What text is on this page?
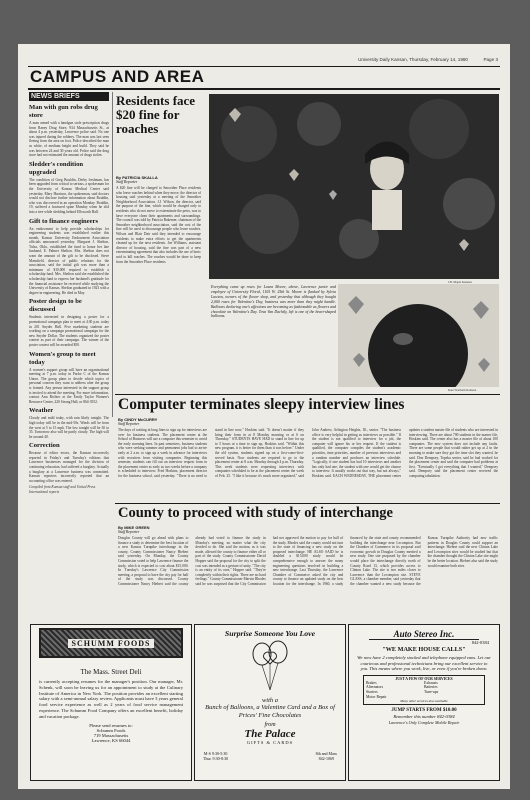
University Daily Kansan, Thursday, February 14, 1980	Page 3
CAMPUS AND AREA
NEWS BRIEFS
Man with gun robs drug store
A man armed with a handgun stole prescription drugs from Raney Drug Store, 934 Massachusetts St., at about 4 p.m. yesterday, Lawrence police said. No one was injured during the robbery. The man was last seen fleeing from the area on foot. Police described the man as white, of medium height and build. They said he was between 24 and 30 years old. Police said the drug store had not estimated the amount of drugs stolen.
Sledder's condition upgraded
The condition of Greg Bouldin, Derby freshman, has been upgraded from critical to serious, a spokesman for the University of Kansas Medical Center said yesterday. Mary Harrison, the spokesman, said doctors would not disclose further information about Bouldin, who was discovered in an operation Monday. Bouldin, 19, suffered a fractured spine Monday when he slid into a tree while sledding behind Ellsworth Hall.
Gift to finance engineers
An endowment to help provide scholarships for engineering students was established earlier this month, Kansas University Endowment Association officials announced yesterday. Margaret J. Shelton, Tulsa, Okla., established the fund to honor her late husband, E. Palmer Shelton. Mrs. Shelton does not want the amount of the gift to be disclosed. Steve Mansfield, director of public relations for the association, said the initial gift was more than a minimum of $10,000 required to establish a scholarship fund. Mrs. Shelton said she established the scholarship fund to express her husband's gratitude for the financial assistance he received while studying the University of Kansas. Shelton graduated in 1923 with a degree in engineering. He died in May.
Poster design to be discussed
Students interested in designing a poster for a promotional campaign plan to meet at 4:30 p.m. today in 201 Snyder Hall. Five marketing students are working on a campaign promotional campaign for the new Snyder Dollar. The students organized the poster contest as part of their campaign. The winner of the poster contest will be awarded $50.
Women's group to meet today
A women's support group will have an organizational meeting at 7 p.m. today in Parlor C of the Kansas Union. The group plans to decide which topics of personal concern they want to address after the group is formed. Any person interested in the support group is invited to attend the meeting. For more information, contact Ann Richter at the Emily Taylor Women's Resource Center, 220 Strong Hall, or 864-3552.
Weather
Cloudy and mild today, with rain likely tonight. The high today will be in the mid-50s. Winds will be from the west at 5 to 15 mph. The low tonight will be 30 to 35. Tomorrow also will be partly cloudy. The high will be around 40.
Correction
Because of editor errors, the Kansan incorrectly reported in Friday's and Tuesday's editions that Lawrence businesses managed for the division of continuing education, had suffered a burglary. Actually a burglary at a Lawrence business was committed. Kansan reporters incorrectly reported that an accounting office was entered.
Compiled from Kansan staff and United Press International reports
Residents face $20 fine for roaches
By PATRICIA SKALLA
Staff Reporter
A $20 fine will be charged to Smoother Place residents who leave roaches behind when they move, the director of housing said yesterday at a meeting of the Smoother Neighborhood Association. J.J. Wilson, the director, said the purpose of the fine, which would be charged only to residents who do not move to exterminate the pests, was to have everyone clean their apartments and surroundings. The council was told by Patricia Bakemer, chairman of the Smoother neighborhood association, said the cost of the fine will be used to discourage people who leave roaches. Wilson and Blair Dair said they intended to encourage residents to make extra efforts to get the apartments cleaned up for the next residents. Joe Williams, assistant director of housing, said the fine was part of a new exterminating agreement that also includes the use of boric acid to kill roaches. The roaches would be done to keep from the Smoother Place residents.
J.B. Maple Kanteen
Everything came up roses for Laura Moore, above, Lawrence junior and employee of University Floral, 1105 W. 25th St. Moore is flanked by Sylvia Lawton, owners of the flower shop, and yesterday that although they bought 2,000 roses for Valentine's Day, business was more than they might handle. Balloons declaring one's affections are becoming as fashionable as flowers and chocolate on Valentine's Day. Tova Van Dachtly, left is one of the heart-shaped balloons.
Kate Wortham Kanteen
Computer terminates sleepy interview lines
By CINDY McCURRY
Staff Reporter
The days of waiting in long lines to sign up for interviews are over for business students. The placement center at the School of Business will use a computer this semester to avoid the early morning lines. In past semesters, business students who were seeking summer and permanent jobs had to arrive early at 2 a.m. to sign up a week in advance for interviews with recruiters from visiting companies. Beginning this semester, students can fill out an interview request form in the placement center as early as two weeks before a company is scheduled to interview. Fred Hoskins, placement director for the business school, said yesterday. "There is no need to stand in line now," Hoskins said. "It doesn't matter if they bring their form in at 8 Monday morning or at 6 on Thursday." STUDENTS HAVE HAD to stand in line for up to 5 hours at a time to sign up, Hoskins said. "Within this new program, it is better for them than it was before." Under the old system, students signed up on a first-come-first-served basis. Now students are required to go to the placement center at 8 a.m. Monday through 4 p.m. Thursday. This week students were requesting interviews with companies scheduled to be at the placement center the week of Feb. 25. "I like it because it's much more organized," said John Andrew, Arlington Heights, Ill., senior. "The business office is very helpful in getting as interviews as possible." If the student is not qualified to interview for a job, the computer will ignore his or her request. If the student is qualified, the computer compiles the student's academic priorities, time priorities, number of previous interviews and a random number and produces an interview schedule. "Logically, if one student has had 10 interviews and another has only had one, the student with one would get the chance to interview. It usually works out that way, but not always," Hoskins said. EACH WEDNESDAY, THE placement center updates a student master file of students who are interested in interviewing. There are about 700 students in the master file, Hoskins said. The center also has a master file of about 100 companies. The new system does not include any faults. There are some people that would rather get up at 2 in the morning to make sure they got the time slot they wanted, he said. Don Dempsey, Topeka senior, said he had worked for the placement center and said the computer had problems at first. "Eventually I got everything that I wanted," Dempsey said. Dempsey said the placement center received the computing tabulation.
County to proceed with study of interchange
By MIKE GREEN
Staff Reporter
Douglas County will go ahead with plans to finance a study to determine the best location of a new Kansas Turnpike interchange in the county, County Commissioner Nancy Hiebert said yesterday. On Monday, the County Commission voted to help Lawrence finance the study, which is expected to cost about $15,000. In Tuesday's Lawrence City Commission meeting, a proposal to have the city pay for half of the study was discussed. County Commissioner Nancy Hiebert said the county already had voted to finance the study in Monday's meeting, no matter what the city decided to do. She said the motion, as it was made, allowed the county to finance either all or part of the study. County Commissioner David Hopper said the proposal for the city to split the cost was intended as a gesture of unity. "The city is an entity of its own," Hopper said. "They're completely within their rights. There are no hard feelings." County Commissioner Marvin Rhodes said he was surprised that the City Commission had not approved the motion to pay for half of the study. Rhodes said the county would not turn to the state of financing a new study on the proposed interchange. HE ALSO SAID he is doubled a $15,000 study would be comprehensive enough to answer the many engineering questions involved in building a new interchange. Last Thursday, the Lawrence Chamber of Commerce asked the city and county to finance an updated study on the best location for the interchange. In 1960, a study financed by the state and county recommended building the interchange near Lecompton. But the Chamber of Commerce in its proposal said economic growth in Douglas County merited a new study. One site proposed by the chamber would place the interchange directly north of County Road 13, which provides access to Clinton Lake. The site is two miles closer to Lawrence than the Lecompton site. STEVE GLASS, a chamber member, said yesterday that the chamber wanted a new study because the Kansas Turnpike Authority had new traffic patterns in Douglas County could support an interchange. Hiebert said the new Clinton Lake and Lecompton sites would be studied but that the chamber thought the Clinton Lake site might be the better location. Hiebert also said the study would examine both sites.
SCHUMM FOODS
The Mass. Street Deli
is currently accepting resumes for the manager's position. Our manager, Mr. Schenk, will soon be leaving us for an appointment to study at the Culinary Institute of America in New York. The position provides an excellent starting salary with a semi-annual salary review. Applicants must have 3 years general food service experience as well as 2 years of food service management experience. The Schumm Food Company offers an excellent benefit, holiday and vacation package.
Please send resumes to:
Schumm Foods
719 Massachusetts
Lawrence, KS 66044
Surprise Someone You Love
with a
Bunch of Balloons, a Valentine Card and a Box of Prices' Fine Chocolates
from
The Palace
GIFTS & CARDS
M-S 9:30-5:30
Thur. 9:30-8:30
8th and Mass
842-1069
Auto Stereo Inc.
842-0384
"WE MAKE HOUSE CALLS"
We now have 2 completely stocked and telephone equipped vans. Let our courteous and professional technicians bring our excellent service to you. This means where you work, live, or even if you're broken down.
JUST A FEW OF OUR SERVICES
Brakes	Exhausts
Alternators	Batteries
Starters	Tune-ups
Motor Repair
Many other services also available
JUMP STARTS FROM $10.00
Remember this number 842-0384
Lawrence's Only Complete Mobile Repair
